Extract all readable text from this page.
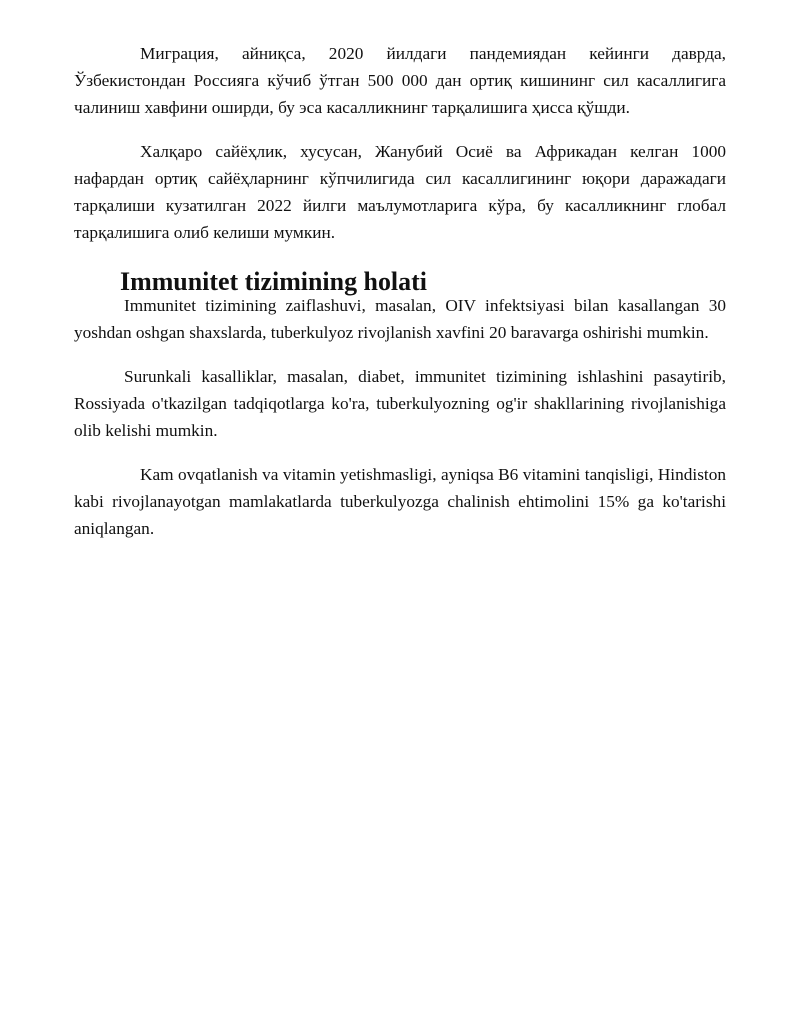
Миграция, айниқса, 2020 йилдаги пандемиядан кейинги даврда, Ўзбекистондан Россияга кўчиб ўтган 500 000 дан ортиқ кишининг сил касаллигига чалиниш хавфини оширди, бу эса касалликнинг тарқалишига ҳисса қўшди.

Халқаро сайёҳлик, хусусан, Жанубий Осиё ва Африкадан келган 1000 нафардан ортиқ сайёҳларнинг кўпчилигида сил касаллигининг юқори даражадаги тарқалиши кузатилган 2022 йилги маълумотларига кўра, бу касалликнинг глобал тарқалишига олиб келиши мумкин.

Immunitet tizimining holati

Immunitet tizimining zaiflashuvi, masalan, OIV infektsiyasi bilan kasallangan 30 yoshdan oshgan shaxslarda, tuberkulyoz rivojlanish xavfini 20 baravarga oshirishi mumkin.

Surunkali kasalliklar, masalan, diabet, immunitet tizimining ishlashini pasaytirib, Rossiyada o'tkazilgan tadqiqotlarga ko'ra, tuberkulyozning og'ir shakllarining rivojlanishiga olib kelishi mumkin.

Kam ovqatlanish va vitamin yetishmasligi, ayniqsa B6 vitamini tanqisligi, Hindiston kabi rivojlanayotgan mamlakatlarda tuberkulyozga chalinish ehtimolini 15% ga ko'tarishi aniqlangan.
